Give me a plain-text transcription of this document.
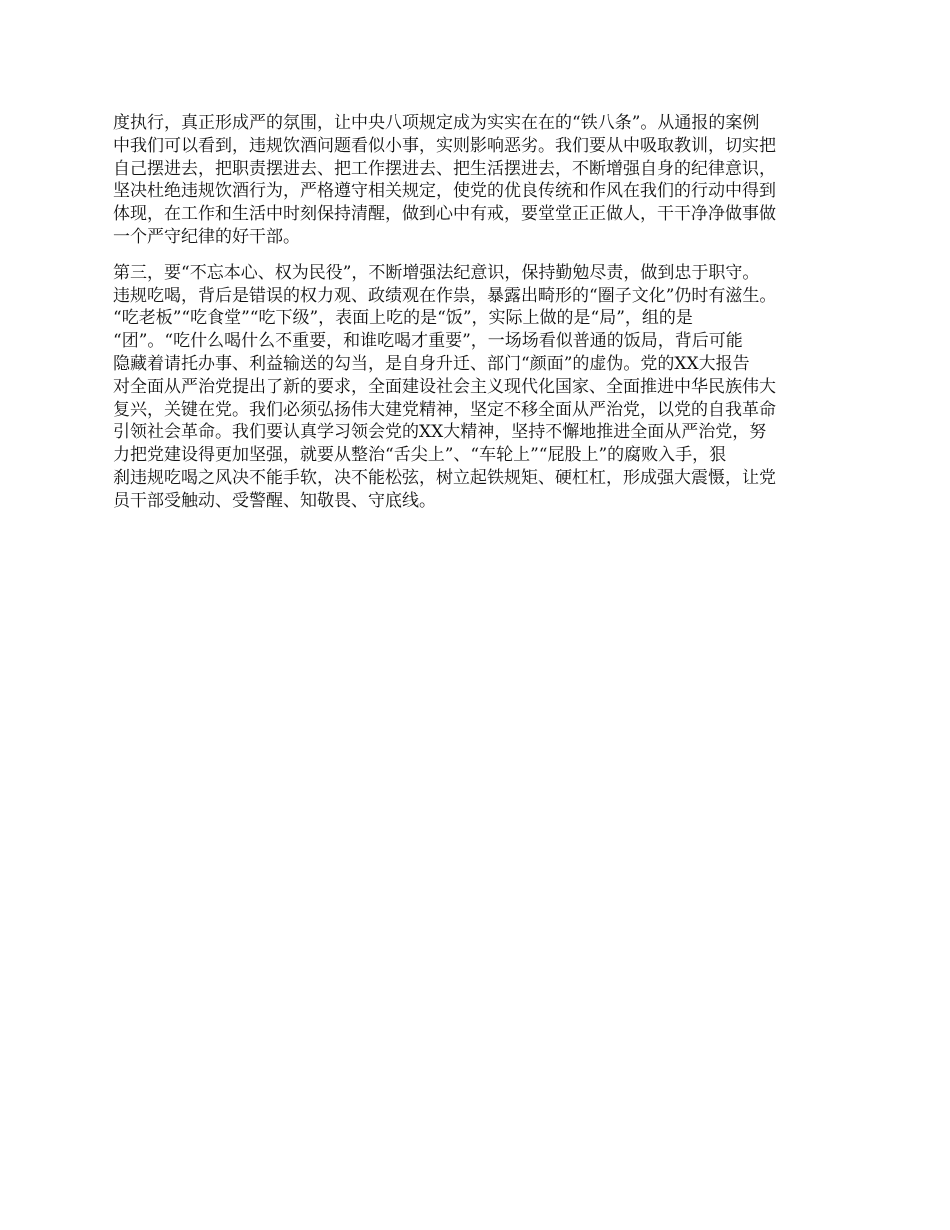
度执行，真正形成严的氛围，让中央八项规定成为实实在在的“铁八条”。从通报的案例
中我们可以看到，违规饮酒问题看似小事，实则影响恶劣。我们要从中吸取教训，切实把
自己摆进去，把职责摆进去、把工作摆进去、把生活摆进去，不断增强自身的纪律意识，
坚决杜绝违规饮酒行为，严格遵守相关规定，使党的优良传统和作风在我们的行动中得到
体现，在工作和生活中时刻保持清醒，做到心中有戒，要堂堂正正做人，干干净净做事做
一个严守纪律的好干部。
第三，要“不忘本心、权为民役”，不断增强法纪意识，保持勤勉尽责，做到忠于职守。
违规吃喝，背后是错误的权力观、政绩观在作祟，暴露出畸形的“圈子文化”仍时有滋生。
“吃老板”“吃食堂”“吃下级”，表面上吃的是“饭”，实际上做的是“局”，组的是
“团”。“吃什么喝什么不重要，和谁吃喝才重要”，一场场看似普通的饭局，背后可能
隐藏着请托办事、利益输送的勾当，是自身升迁、部门“颜面”的虚伪。党的XX大报告
对全面从严治党提出了新的要求，全面建设社会主义现代化国家、全面推进中华民族伟大
复兴，关键在党。我们必须弘扬伟大建党精神，坚定不移全面从严治党，以党的自我革命
引领社会革命。我们要认真学习领会党的XX大精神，坚持不懈地推进全面从严治党，努
力把党建设得更加坚强，就要从整治“舌尖上”、“车轮上”“屁股上”的腐败入手，狠
刹违规吃喝之风决不能手软，决不能松弦，树立起铁规矩、硬杠杠，形成强大震慑，让党
员干部受触动、受警醒、知敬畏、守底线。
